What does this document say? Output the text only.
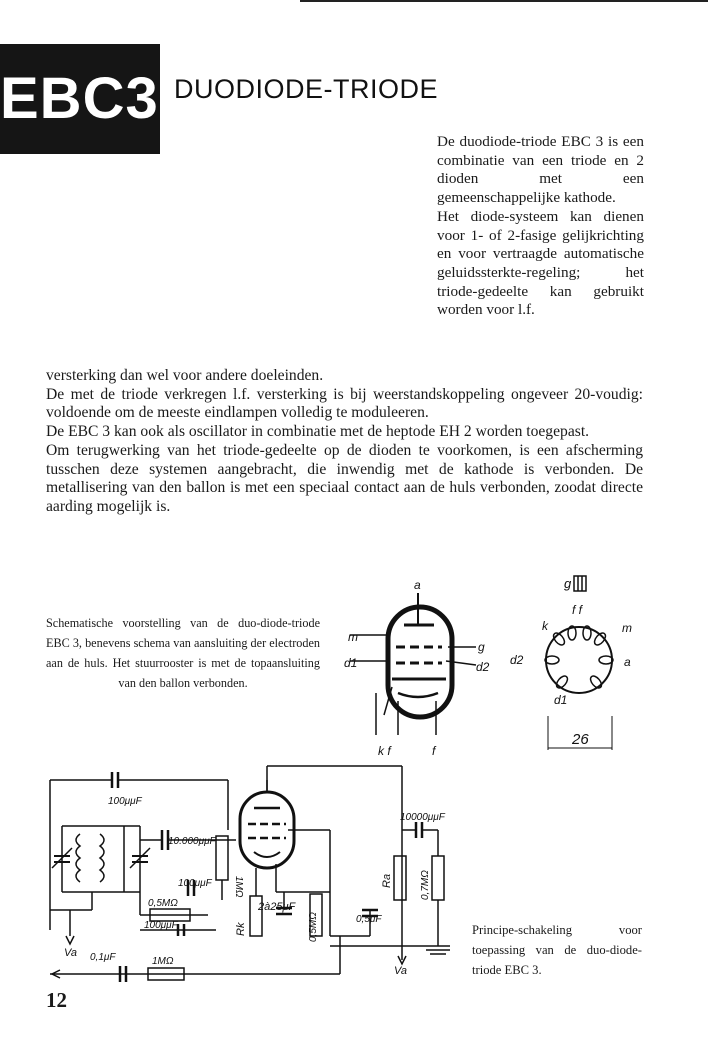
EBC3 DUODIODE-TRIODE

De duodiode-triode EBC 3 is een combinatie van een triode en 2 dioden met een gemeenschappelijke kathode.

Het diode-systeem kan dienen voor 1- of 2-fasige gelijkrichting en voor vertraagde automatische geluidssterkte-regeling; het triode-gedeelte kan gebruikt worden voor l.f.

versterking dan wel voor andere doeleinden.

De met de triode verkregen l.f. versterking is bij weerstandskoppeling ongeveer 20-voudig: voldoende om de meeste eindlampen volledig te moduleeren.

De EBC 3 kan ook als oscillator in combinatie met de heptode EH 2 worden toegepast.

Om terugwerking van het triode-gedeelte op de dioden te voorkomen, is een afscherming tusschen deze systemen aangebracht, die inwendig met de kathode is verbonden. De metallisering van den ballon is met een speciaal contact aan de huls verbonden, zoodat directe aarding mogelijk is.

Schematische voorstelling van de duo-diode-triode EBC 3, benevens schema van aansluiting der electroden aan de huls. Het stuurrooster is met de topaansluiting van den ballon verbonden.
a
m
d1
g
d2
k f	f
g
f f
k	m
d2	a
d1
26
100μμF
10.000μμF
1MΩ
100μμF
0,5MΩ
100μμF
Va
2à25μF
Rk	0,5MΩ	0,5μF
10000μμF
Ra	0,7MΩ
Va
0,1μF	1MΩ
Principe-schakeling voor toepassing van de duo-diode-triode EBC 3.
12
